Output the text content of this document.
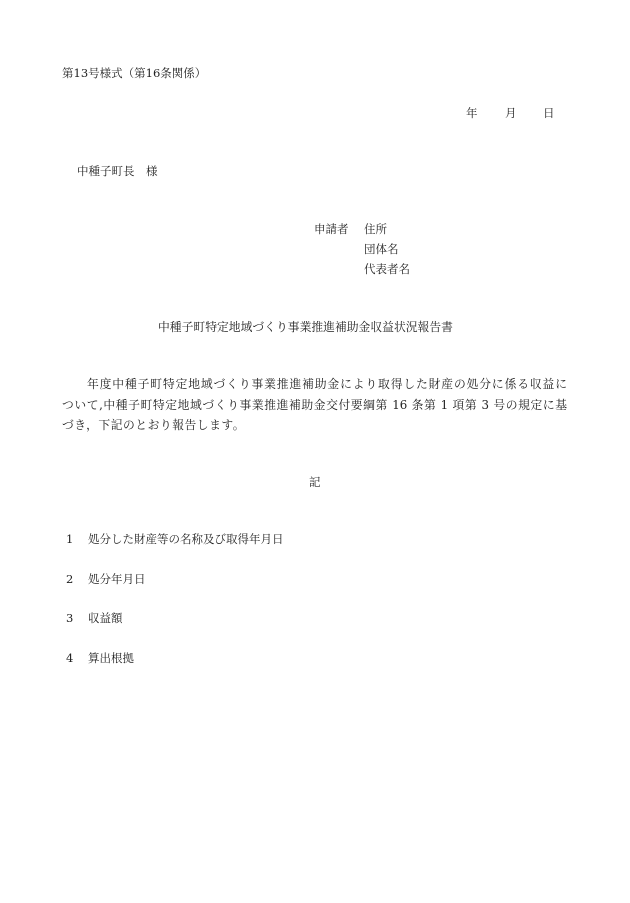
第13号様式（第16条関係）
年 月 日
中種子町長　様
申請者 住所
団体名
代表者名
中種子町特定地域づくり事業推進補助金収益状況報告書
年度中種子町特定地域づくり事業推進補助金により取得した財産の処分に係る収益に
ついて,中種子町特定地域づくり事業推進補助金交付要綱第 16 条第 1 項第 3 号の規定に基
づき，下記のとおり報告します。
記
1 処分した財産等の名称及び取得年月日
2 処分年月日
3 収益額
4 算出根拠
